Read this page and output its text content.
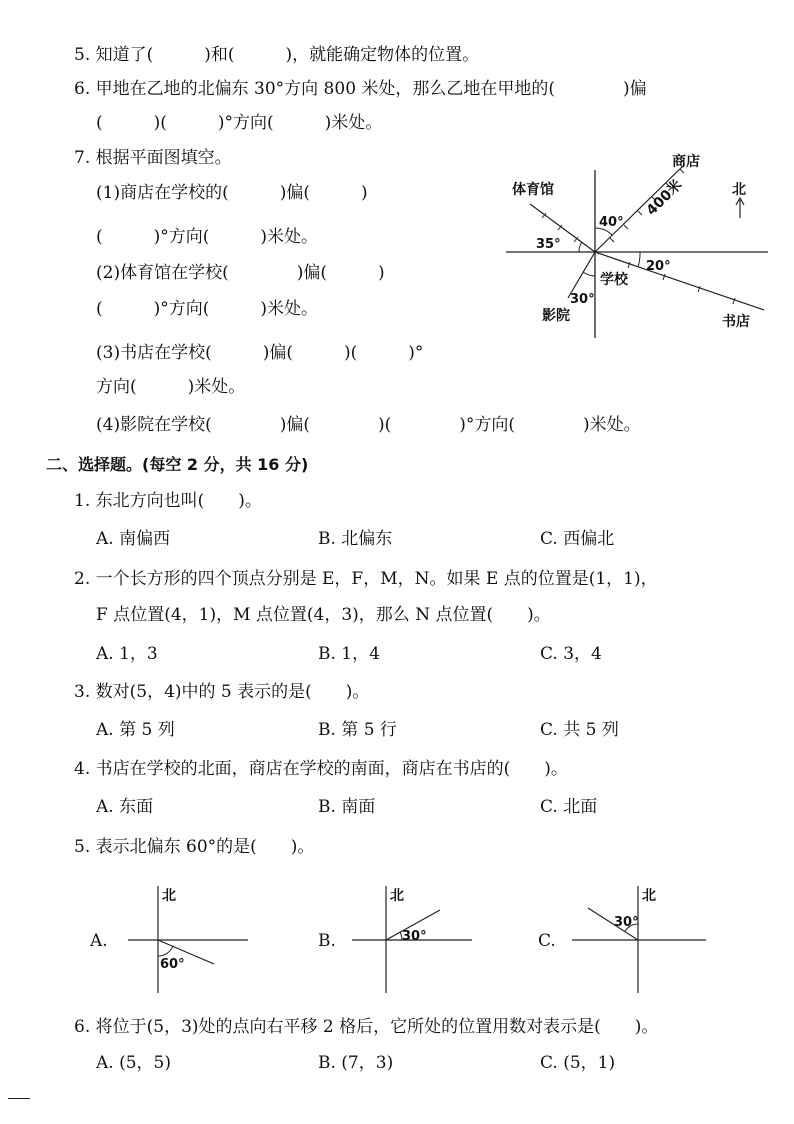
5. 知道了(　　　)和(　　　)，就能确定物体的位置。
6. 甲地在乙地的北偏东 30°方向 800 米处，那么乙地在甲地的(　　　　)偏
(　　　)(　　　)°方向(　　　)米处。
7. 根据平面图填空。
(1)商店在学校的(　　　)偏(　　　)
(　　　)°方向(　　　)米处。
(2)体育馆在学校(　　　　)偏(　　　)
(　　　)°方向(　　　)米处。
(3)书店在学校(　　　)偏(　　　)(　　　)°
方向(　　　)米处。
(4)影院在学校(　　　　)偏(　　　　)(　　　　)°方向(　　　　)米处。
商店
400米
体育馆
学校
影院	书店
40°
35°
20°
30°
北
二、选择题。(每空 2 分，共 16 分)
1. 东北方向也叫(　　)。
A. 南偏西	B. 北偏东	C. 西偏北
2. 一个长方形的四个顶点分别是 E，F，M，N。如果 E 点的位置是(1，1)，
F 点位置(4，1)，M 点位置(4，3)，那么 N 点位置(　　)。
A. 1，3	B. 1，4	C. 3，4
3. 数对(5，4)中的 5 表示的是(　　)。
A. 第 5 列	B. 第 5 行	C. 共 5 列
4. 书店在学校的北面，商店在学校的南面，商店在书店的(　　)。
A. 东面	B. 南面	C. 北面
5. 表示北偏东 60°的是(　　)。
A.
北
60°
B.
北
30°	C.
北
30°
6. 将位于(5，3)处的点向右平移 2 格后，它所处的位置用数对表示是(　　)。
A. (5，5)	B. (7，3)	C. (5，1)
